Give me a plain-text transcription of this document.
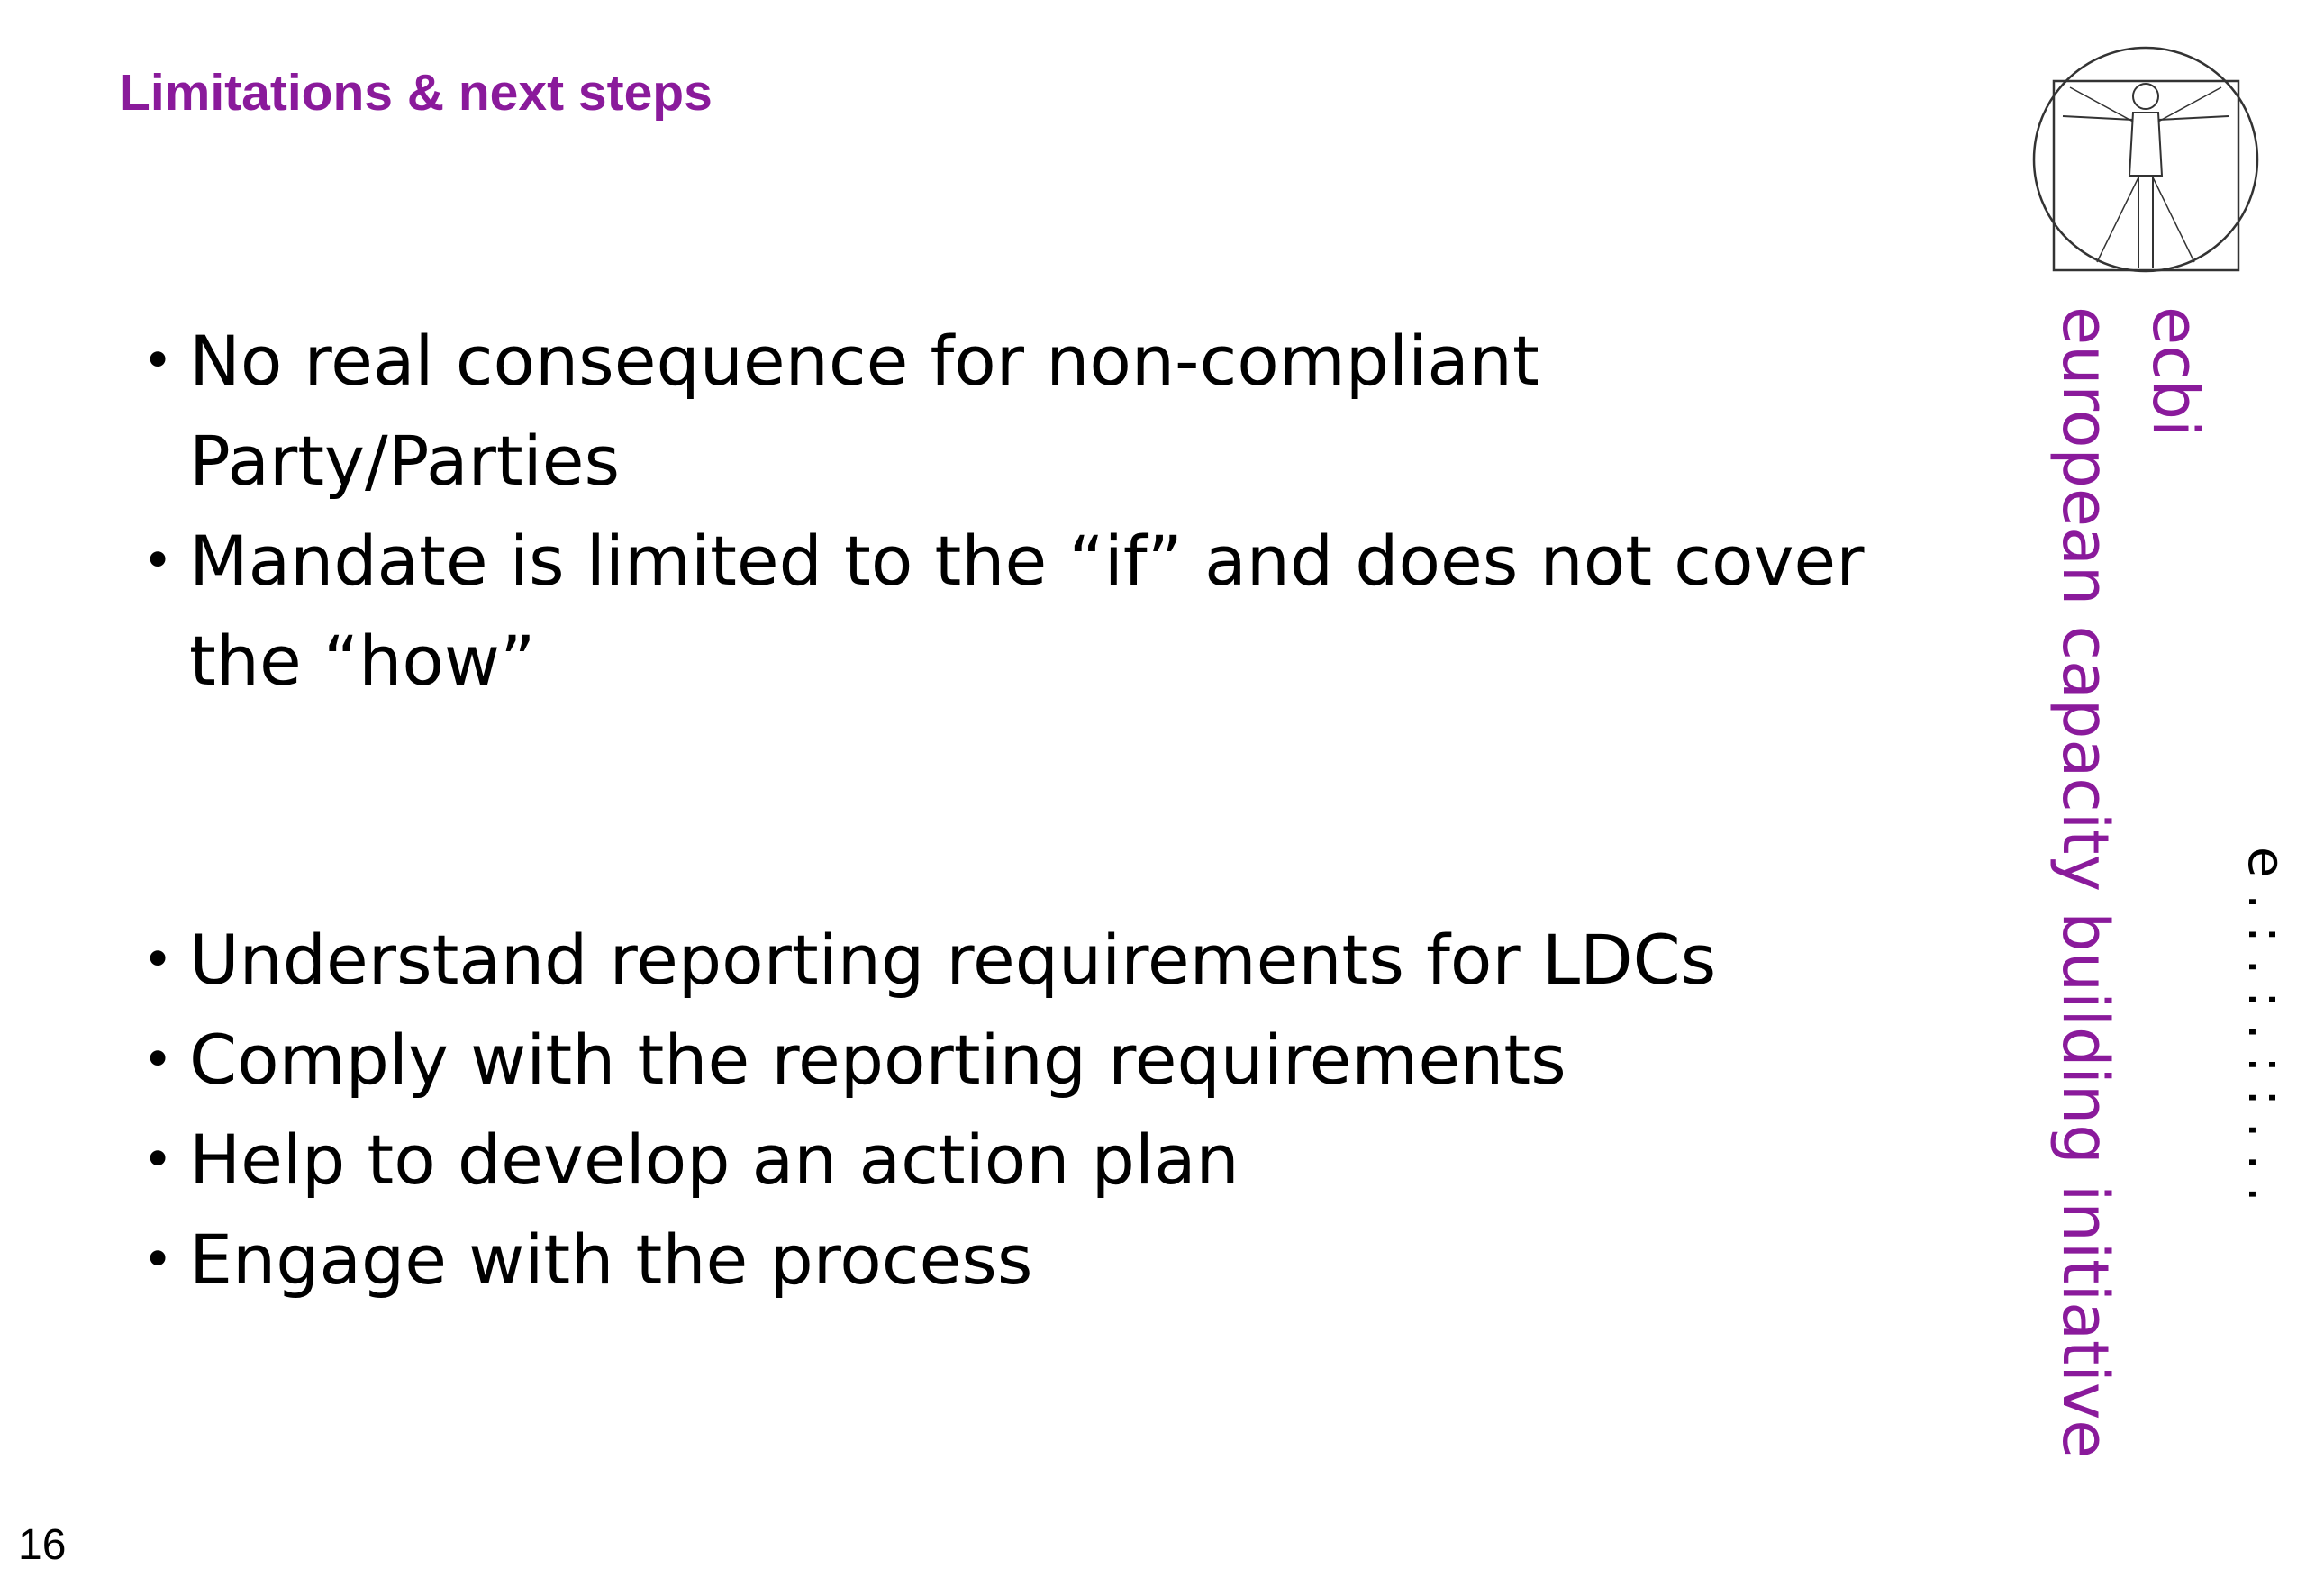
Limitations & next steps
• No real consequence for non-compliant
Party/Parties
• Mandate is limited to the “if” and does not cover
the “how”
• Understand reporting requirements for LDCs
• Comply with the reporting requirements
• Help to develop an action plan
• Engage with the process
ecbi
european capacity building initiative	e . : . : . : : . . .
16
